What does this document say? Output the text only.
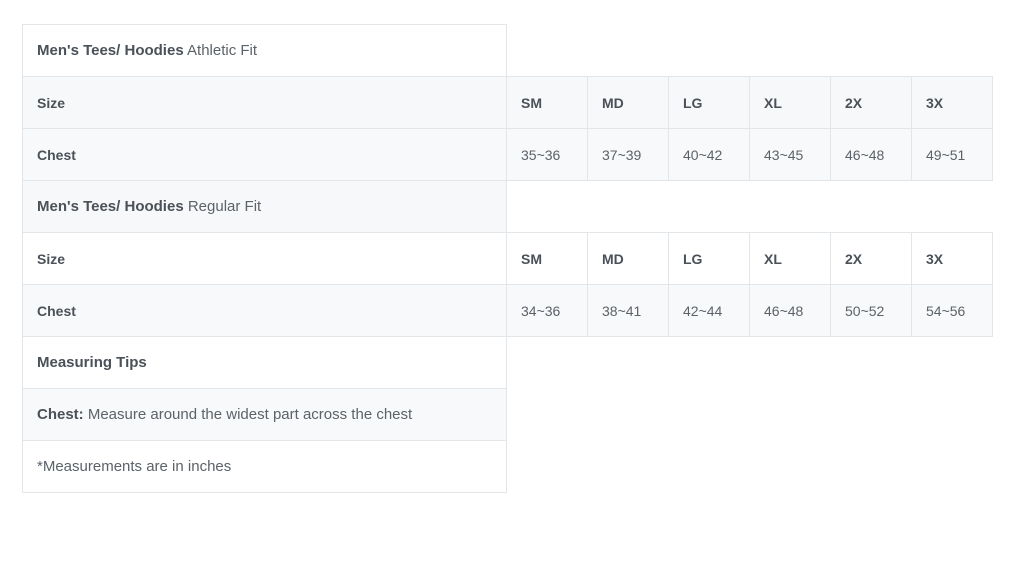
Men's Tees/ Hoodies Athletic Fit						
Size	SM	MD	LG	XL	2X	3X
Chest	35~36	37~39	40~42	43~45	46~48	49~51
Men's Tees/ Hoodies Regular Fit						
Size	SM	MD	LG	XL	2X	3X
Chest	34~36	38~41	42~44	46~48	50~52	54~56
Measuring Tips						
Chest: Measure around the widest part across the chest						
*Measurements are in inches						
